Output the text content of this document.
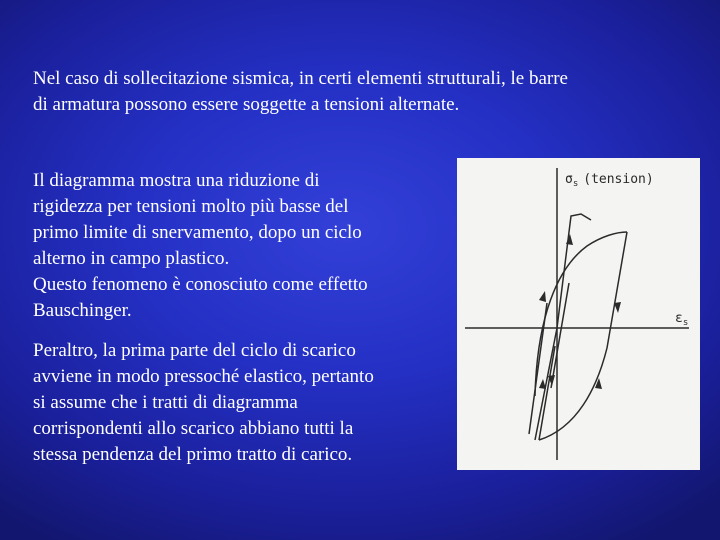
Nel caso di sollecitazione sismica, in certi elementi strutturali, le barre
di armatura possono essere soggette a tensioni alternate.

Il diagramma mostra una riduzione di
rigidezza per tensioni molto più basse del
primo limite di snervamento, dopo un ciclo
alterno in campo plastico.
Questo fenomeno è conosciuto come effetto
Bauschinger.

Peraltro, la prima parte del ciclo di scarico
avviene in modo pressoché elastico, pertanto
si assume che i tratti di diagramma
corrispondenti allo scarico abbiano tutti la
stessa pendenza del primo tratto di carico.

$\sigma_s$ (tension)
$\varepsilon_s$
